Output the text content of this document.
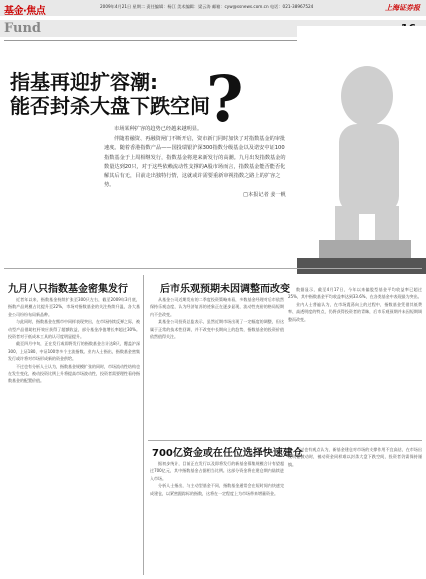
基金·焦点	2009年4月21日 星期二 责任编辑：杨江 美术编辑：梁云涛 邮箱：cyw@ssnews.com.cn 电话：021-38967524	上海证券报
Fund
指基再迎扩容潮:
能否封杀大盘下跌空间
?

市场某种扩容的趋势已经越来越明显。

伴随着融资、再融资闸门不断开启，资市新门同时加快了对指数基金的审批速度。随着香港指数产品——国投瑞银沪深300指数分级基金以及诺安中证100指数基金于上周相继发行，指数基金将迎来新发行的高潮。九月出发指数基金的数量达到20只，对于这些依赖流动性支撑的A股市场而言，指数基金能否能否化解其后有无，目前走出独特行情，这就或许需要重新审视指数之路上的扩容之势。

□本报记者 姜一帆

九月八只指数基金密集发行

近者年以来，指数基金持续扩张至300只左右，截至2009年3月底，指数产品规模占比提升至22%，市场对指数基金的关注持续升温，各大基金公司纷纷布局新品种。

与此同时，指数基金在熊市中同样表现突出，在市场持续反弹之际，被动型产品借助杠杆效应获得了超额收益，部分基金净值增长率超过30%。投资者对于低成本工具的认可度明显提升。

截至四月中旬，正在发行或即将发行的指数基金合计达8只，覆盖沪深300、上证180、中证100等多个主流指数。业内人士指出，指数基金密集发行或许将对市场形成新的资金供给。

不过也有分析人士认为，指数基金规模扩张的同时，市场流动性结构也在发生变化，被动投资比例上升将提高市场波动性，投资者需要理性看待指数基金的配置价值。

后市乐观预期未因调整而改变

从基金公司近期发布的二季度投资策略来看，多数基金经理对后市依然保持乐观态度，认为经济复苏的迹象正在逐步显现，流动性充裕的格局短期内不会改变。

某基金公司投资总监表示，虽然近期市场出现了一定幅度的调整，但这属于正常的技术性回调，并不改变中长期向上的趋势，指数基金的投资价值依然值得关注。

数据显示，截至4月17日，今年以来偏股型基金平均收益率已超过25%，其中指数基金平均收益率达到33.6%，在各类基金中表现最为突出。

业内人士普遍认为，在市场震荡向上的过程中，指数基金凭借其低费率、高透明度的特点，仍将获得投资者的青睐，后市乐观预期并未因短期调整而改变。

700亿资金或在任位选择快速建仓

据初步统计，目前正在发行以及即将发行的新基金募集规模合计有望超过700亿元，其中指数基金占据相当比例。这部分资金将在建仓期内陆续进入市场。

分析人士指出，与主动型基金不同，指数基金通常会在短时间内快速完成建仓，以紧密跟踪标的指数，这将在一定程度上为市场带来增量资金。

不过也有观点认为，新基金建仓对市场的支撑作用不宜高估，在市场出现明显波动时，被动资金同样难以封杀大盘下跌空间，投资者仍需保持谨慎。
